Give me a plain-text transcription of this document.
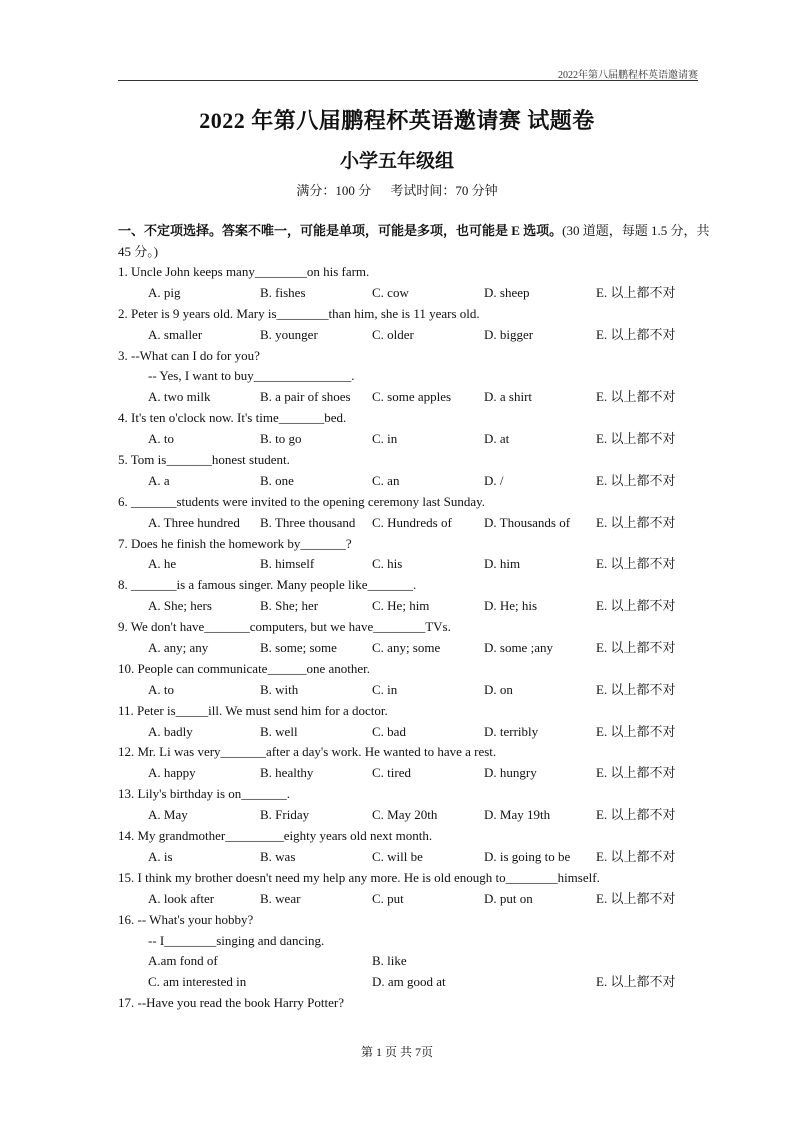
2022年第八届鹏程杯英语邀请赛
2022 年第八届鹏程杯英语邀请赛 试题卷
小学五年级组
满分：100 分 考试时间：70 分钟
一、不定项选择。答案不唯一，可能是单项，可能是多项，也可能是 E 选项。(30 道题，每题 1.5 分，共 45 分。)
1. Uncle John keeps many________on his farm.
A. pig	B. fishes	C. cow	D. sheep	E. 以上都不对
2. Peter is 9 years old. Mary is________than him, she is 11 years old.
A. smaller	B. younger	C. older	D. bigger	E. 以上都不对
3. --What can I do for you?
-- Yes, I want to buy_______________.
A. two milk	B. a pair of shoes C. some apples	D. a shirt	E. 以上都不对
4. It's ten o'clock now. It's time_______bed.
A. to	B. to go	C. in	D. at	E. 以上都不对
5. Tom is_______honest student.
A. a	B. one	C. an	D. /	E. 以上都不对
6. _______students were invited to the opening ceremony last Sunday.
A. Three hundred B. Three thousand C. Hundreds of D. Thousands of E. 以上都不对
7. Does he finish the homework by_______?
A. he	B. himself	C. his	D. him	E. 以上都不对
8. _______is a famous singer. Many people like_______.
A. She; hers	B. She; her	C. He; him	D. He; his	E. 以上都不对
9. We don't have_______computers, but we have________TVs.
A. any; any	B. some; some	C. any; some	D. some ;any	E. 以上都不对
10. People can communicate______one another.
A. to	B. with	C. in	D. on	E. 以上都不对
11. Peter is_____ill. We must send him for a doctor.
A. badly	B. well	C. bad	D. terribly	E. 以上都不对
12. Mr. Li was very_______after a day's work. He wanted to have a rest.
A. happy	B. healthy	C. tired	D. hungry	E. 以上都不对
13. Lily's birthday is on_______.
A. May	B. Friday	C. May 20th	D. May 19th	E. 以上都不对
14. My grandmother_________eighty years old next month.
A. is	B. was	C. will be	D. is going to be E. 以上都不对
15. I think my brother doesn't need my help any more. He is old enough to________himself.
A. look after	B. wear	C. put	D. put on	E. 以上都不对
16. -- What's your hobby?
-- I________singing and dancing.
A.am fond of	B. like
C. am interested in	D. am good at	E. 以上都不对
17. --Have you read the book Harry Potter?
第 1 页 共 7页
